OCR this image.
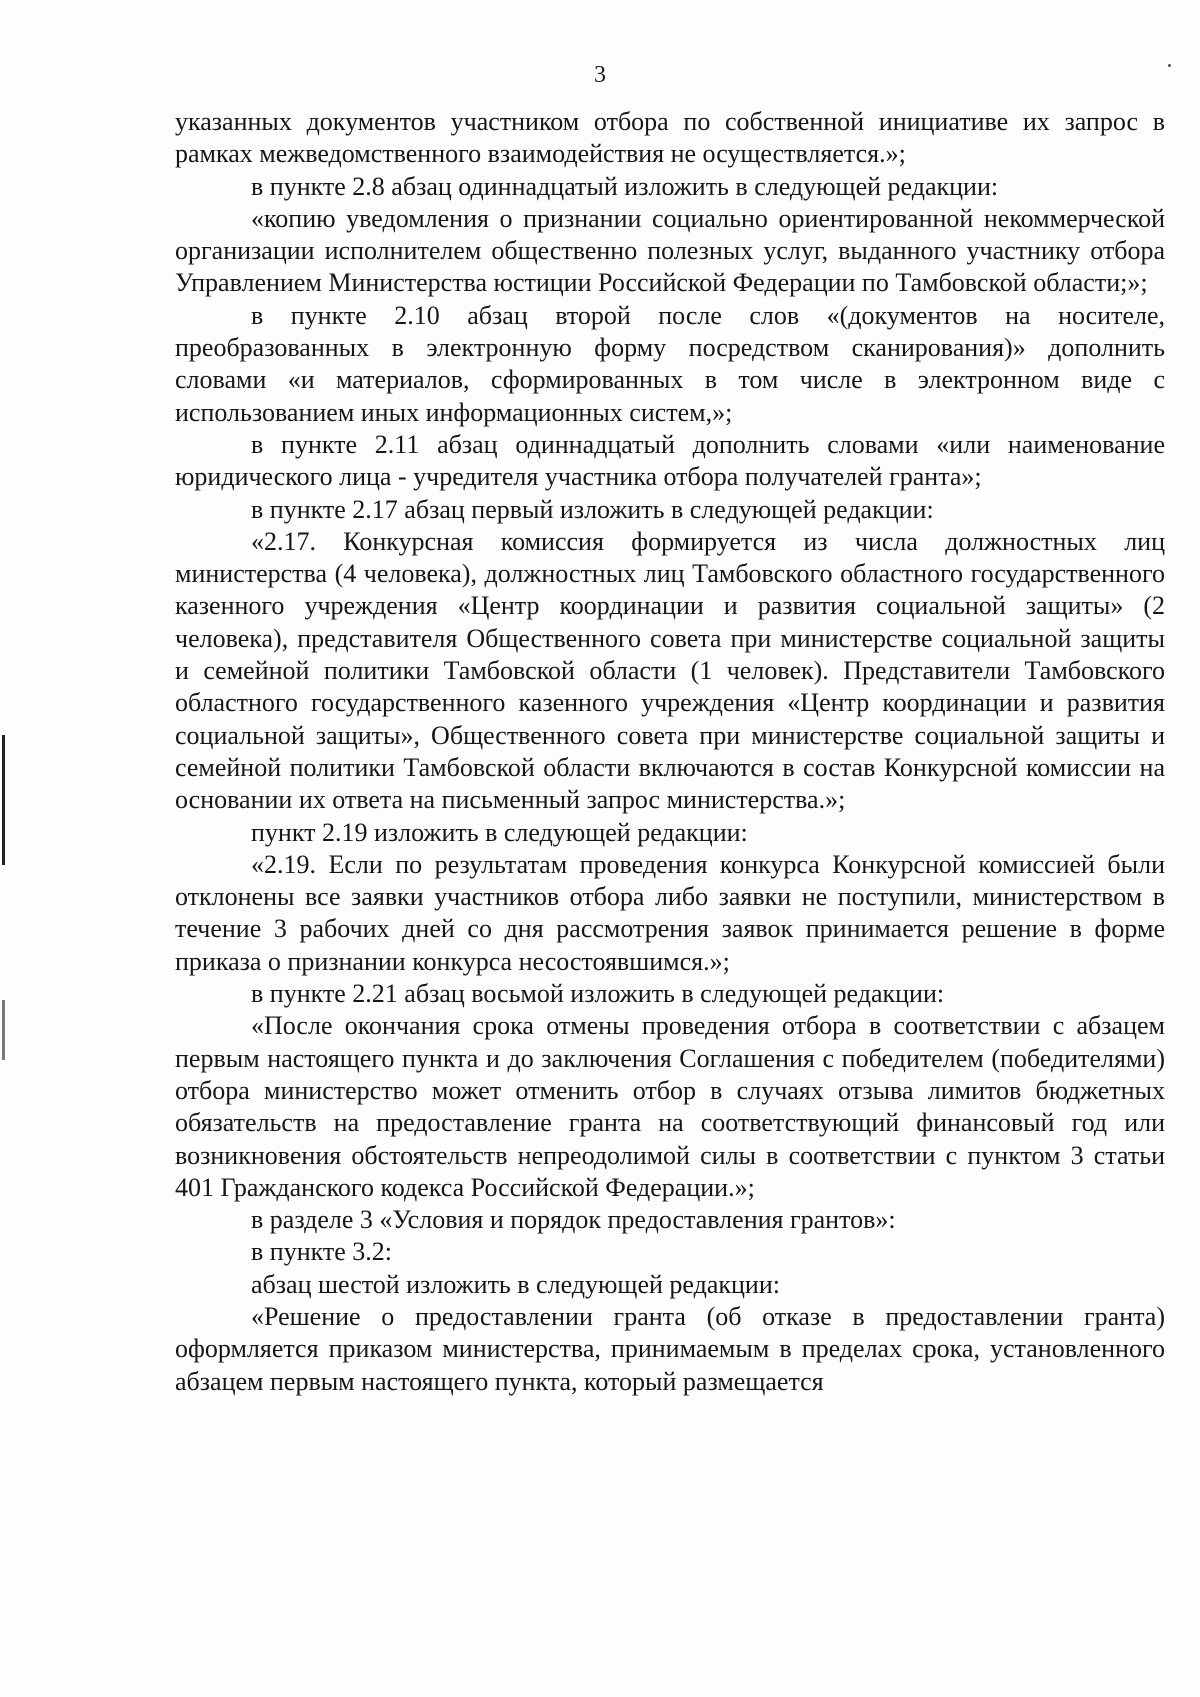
3

указанных документов участником отбора по собственной инициативе их запрос в рамках межведомственного взаимодействия не осуществляется.»;

в пункте 2.8 абзац одиннадцатый изложить в следующей редакции:

«копию уведомления о признании социально ориентированной некоммерческой организации исполнителем общественно полезных услуг, выданного участнику отбора Управлением Министерства юстиции Российской Федерации по Тамбовской области;»;

в пункте 2.10 абзац второй после слов «(документов на носителе, преобразованных в электронную форму посредством сканирования)» дополнить словами «и материалов, сформированных в том числе в электронном виде с использованием иных информационных систем,»;

в пункте 2.11 абзац одиннадцатый дополнить словами «или наименование юридического лица - учредителя участника отбора получателей гранта»;

в пункте 2.17 абзац первый изложить в следующей редакции:

«2.17. Конкурсная комиссия формируется из числа должностных лиц министерства (4 человека), должностных лиц Тамбовского областного государственного казенного учреждения «Центр координации и развития социальной защиты» (2 человека), представителя Общественного совета при министерстве социальной защиты и семейной политики Тамбовской области (1 человек). Представители Тамбовского областного государственного казенного учреждения «Центр координации и развития социальной защиты», Общественного совета при министерстве социальной защиты и семейной политики Тамбовской области включаются в состав Конкурсной комиссии на основании их ответа на письменный запрос министерства.»;

пункт 2.19 изложить в следующей редакции:

«2.19. Если по результатам проведения конкурса Конкурсной комиссией были отклонены все заявки участников отбора либо заявки не поступили, министерством в течение 3 рабочих дней со дня рассмотрения заявок принимается решение в форме приказа о признании конкурса несостоявшимся.»;

в пункте 2.21 абзац восьмой изложить в следующей редакции:

«После окончания срока отмены проведения отбора в соответствии с абзацем первым настоящего пункта и до заключения Соглашения с победителем (победителями) отбора министерство может отменить отбор в случаях отзыва лимитов бюджетных обязательств на предоставление гранта на соответствующий финансовый год или возникновения обстоятельств непреодолимой силы в соответствии с пунктом 3 статьи 401 Гражданского кодекса Российской Федерации.»;

в разделе 3 «Условия и порядок предоставления грантов»:

в пункте 3.2:

абзац шестой изложить в следующей редакции:

«Решение о предоставлении гранта (об отказе в предоставлении гранта) оформляется приказом министерства, принимаемым в пределах срока, установленного абзацем первым настоящего пункта, который размещается
